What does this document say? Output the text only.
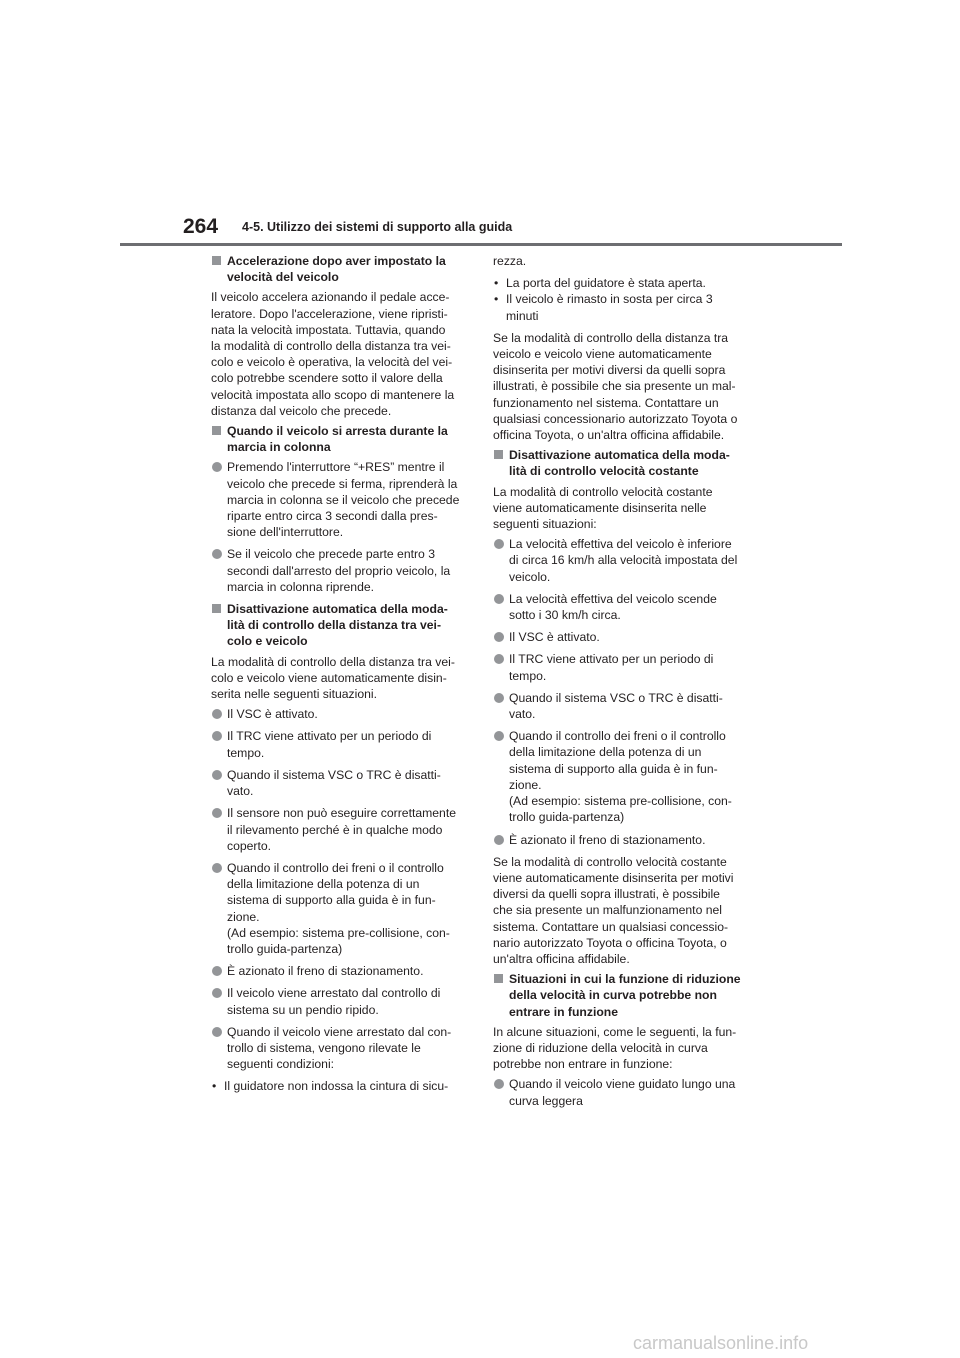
264 4-5. Utilizzo dei sistemi di supporto alla guida
Accelerazione dopo aver impostato la
velocità del veicolo
Il veicolo accelera azionando il pedale acce-
leratore. Dopo l'accelerazione, viene ripristi-
nata la velocità impostata. Tuttavia, quando
la modalità di controllo della distanza tra vei-
colo e veicolo è operativa, la velocità del vei-
colo potrebbe scendere sotto il valore della
velocità impostata allo scopo di mantenere la
distanza dal veicolo che precede.
Quando il veicolo si arresta durante la
marcia in colonna
Premendo l'interruttore “+RES” mentre il
veicolo che precede si ferma, riprenderà la
marcia in colonna se il veicolo che precede
riparte entro circa 3 secondi dalla pres-
sione dell'interruttore.
Se il veicolo che precede parte entro 3
secondi dall'arresto del proprio veicolo, la
marcia in colonna riprende.
Disattivazione automatica della moda-
lità di controllo della distanza tra vei-
colo e veicolo
La modalità di controllo della distanza tra vei-
colo e veicolo viene automaticamente disin-
serita nelle seguenti situazioni.
Il VSC è attivato.
Il TRC viene attivato per un periodo di
tempo.
Quando il sistema VSC o TRC è disatti-
vato.
Il sensore non può eseguire correttamente
il rilevamento perché è in qualche modo
coperto.
Quando il controllo dei freni o il controllo
della limitazione della potenza di un
sistema di supporto alla guida è in fun-
zione.
(Ad esempio: sistema pre-collisione, con-
trollo guida-partenza)
È azionato il freno di stazionamento.
Il veicolo viene arrestato dal controllo di
sistema su un pendio ripido.
Quando il veicolo viene arrestato dal con-
trollo di sistema, vengono rilevate le
seguenti condizioni:
• Il guidatore non indossa la cintura di sicu-
rezza.
• La porta del guidatore è stata aperta.
• Il veicolo è rimasto in sosta per circa 3
minuti
Se la modalità di controllo della distanza tra
veicolo e veicolo viene automaticamente
disinserita per motivi diversi da quelli sopra
illustrati, è possibile che sia presente un mal-
funzionamento nel sistema. Contattare un
qualsiasi concessionario autorizzato Toyota o
officina Toyota, o un'altra officina affidabile.
Disattivazione automatica della moda-
lità di controllo velocità costante
La modalità di controllo velocità costante
viene automaticamente disinserita nelle
seguenti situazioni:
La velocità effettiva del veicolo è inferiore
di circa 16 km/h alla velocità impostata del
veicolo.
La velocità effettiva del veicolo scende
sotto i 30 km/h circa.
Il VSC è attivato.
Il TRC viene attivato per un periodo di
tempo.
Quando il sistema VSC o TRC è disatti-
vato.
Quando il controllo dei freni o il controllo
della limitazione della potenza di un
sistema di supporto alla guida è in fun-
zione.
(Ad esempio: sistema pre-collisione, con-
trollo guida-partenza)
È azionato il freno di stazionamento.
Se la modalità di controllo velocità costante
viene automaticamente disinserita per motivi
diversi da quelli sopra illustrati, è possibile
che sia presente un malfunzionamento nel
sistema. Contattare un qualsiasi concessio-
nario autorizzato Toyota o officina Toyota, o
un'altra officina affidabile.
Situazioni in cui la funzione di riduzione
della velocità in curva potrebbe non
entrare in funzione
In alcune situazioni, come le seguenti, la fun-
zione di riduzione della velocità in curva
potrebbe non entrare in funzione:
Quando il veicolo viene guidato lungo una
curva leggera
carmanualsonline.info
